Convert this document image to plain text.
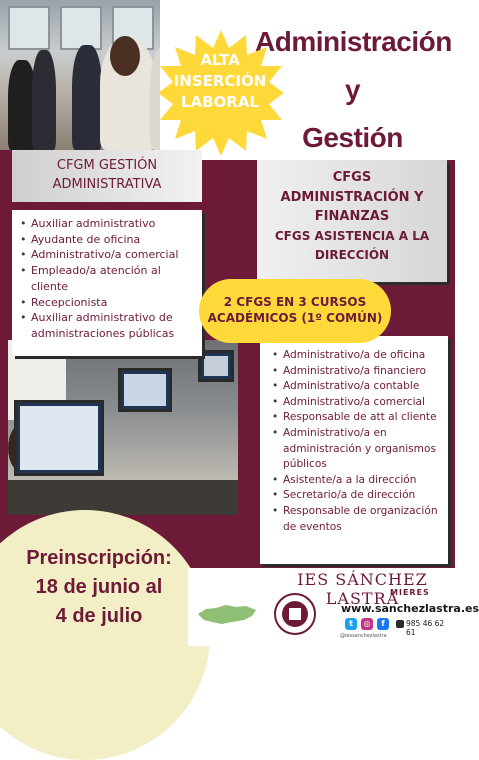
Administración
y
Gestión
ALTA
INSERCIÓN
LABORAL
CFGM GESTIÓN
ADMINISTRATIVA
• Auxiliar administrativo
• Ayudante de oficina
• Administrativo/a comercial
• Empleado/a atención al cliente
• Recepcionista
• Auxiliar administrativo de administraciones públicas
CFGS
ADMINISTRACIÓN Y
FINANZAS
CFGS ASISTENCIA A LA
DIRECCIÓN
• Administrativo/a de oficina
• Administrativo/a financiero
• Administrativo/a contable
• Administrativo/a comercial
• Responsable de att al cliente
• Administrativo/a en administración y organismos públicos
• Asistente/a a la dirección
• Secretario/a de dirección
• Responsable de organización de eventos
2 CFGS EN 3 CURSOS
ACADÉMICOS (1º COMÚN)
Preinscripción:
18 de junio al
4 de julio
IES SÁNCHEZ LASTRA
MIERES
www.sanchezlastra.es
t	◎	f
@iessanchezlastra
985 46 62 61
